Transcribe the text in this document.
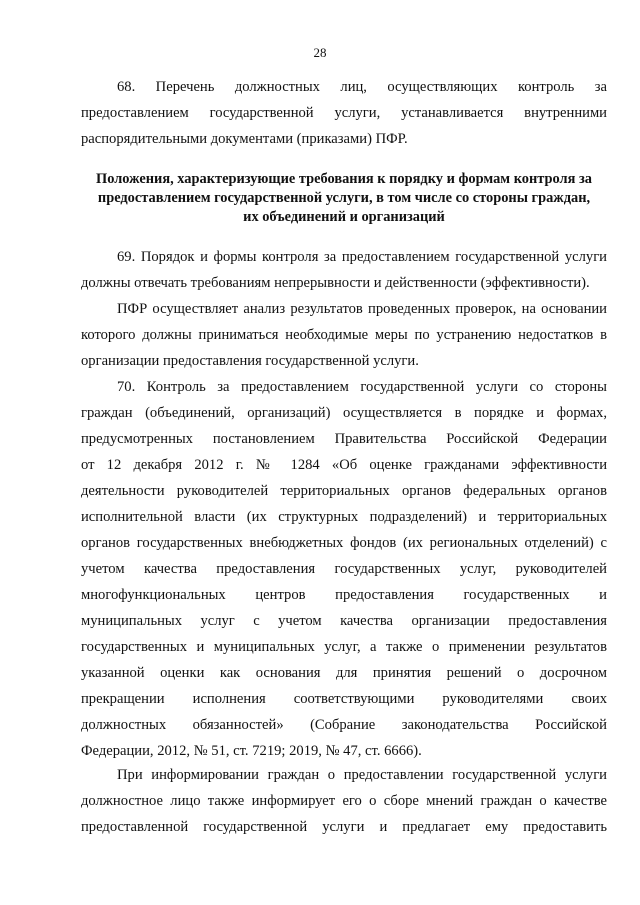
28
68. Перечень должностных лиц, осуществляющих контроль за
предоставлением государственной услуги, устанавливается внутренними
распорядительными документами (приказами) ПФР.
Положения, характеризующие требования к порядку и формам контроля за
предоставлением государственной услуги, в том числе со стороны граждан,
их объединений и организаций
69. Порядок и формы контроля за предоставлением государственной услуги
должны отвечать требованиям непрерывности и действенности (эффективности).
ПФР осуществляет анализ результатов проведенных проверок, на основании
которого должны приниматься необходимые меры по устранению недостатков в
организации предоставления государственной услуги.
70. Контроль за предоставлением государственной услуги со стороны
граждан (объединений, организаций) осуществляется в порядке и формах,
предусмотренных постановлением Правительства Российской Федерации
от 12 декабря 2012 г. № 1284 «Об оценке гражданами эффективности
деятельности руководителей территориальных органов федеральных органов
исполнительной власти (их структурных подразделений) и территориальных
органов государственных внебюджетных фондов (их региональных отделений) с
учетом качества предоставления государственных услуг, руководителей
многофункциональных центров предоставления государственных и
муниципальных услуг с учетом качества организации предоставления
государственных и муниципальных услуг, а также о применении результатов
указанной оценки как основания для принятия решений о досрочном
прекращении исполнения соответствующими руководителями своих
должностных обязанностей» (Собрание законодательства Российской
Федерации, 2012, № 51, ст. 7219; 2019, № 47, ст. 6666).
При информировании граждан о предоставлении государственной услуги
должностное лицо также информирует его о сборе мнений граждан о качестве
предоставленной государственной услуги и предлагает ему предоставить
